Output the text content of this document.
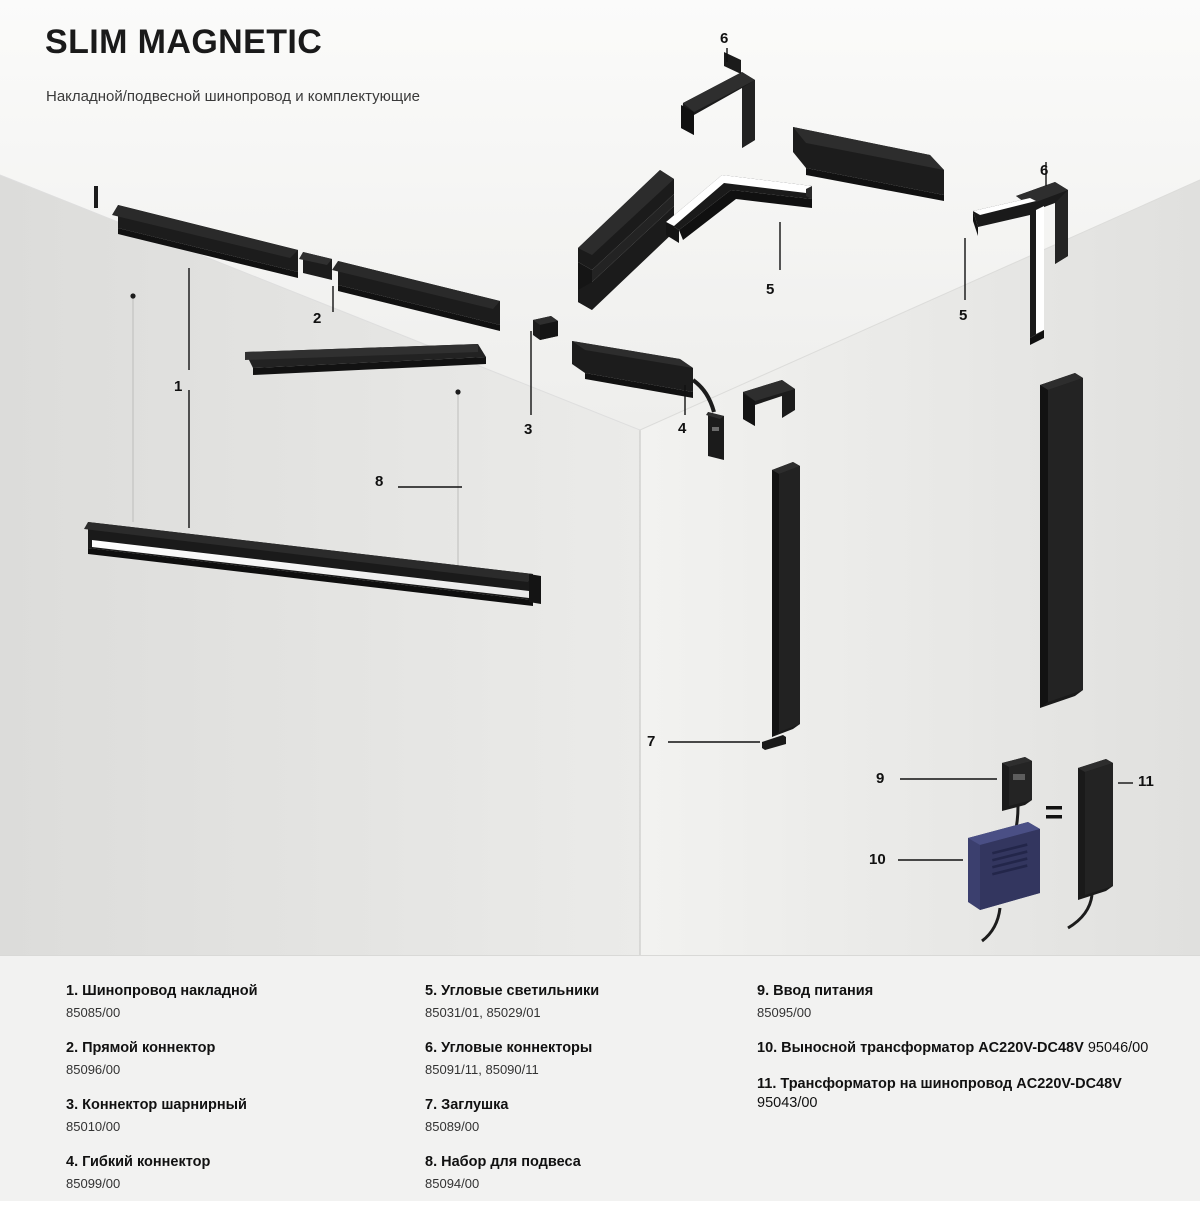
SLIM MAGNETIC
Накладной/подвесной шинопровод и комплектующие
1
2
3	4
5
5
6
6
7
8
9
10
11
1. Шинопровод накладной
85085/00
2. Прямой коннектор
85096/00
3. Коннектор шарнирный
85010/00
4. Гибкий коннектор
85099/00
5. Угловые светильники
85031/01, 85029/01
6. Угловые коннекторы
85091/11, 85090/11
7. Заглушка
85089/00
8. Набор для подвеса
85094/00
9. Ввод питания
85095/00
10. Выносной трансформатор AC220V-DC48V 95046/00
11. Трансформатор на шинопровод AC220V-DC48V 95043/00
